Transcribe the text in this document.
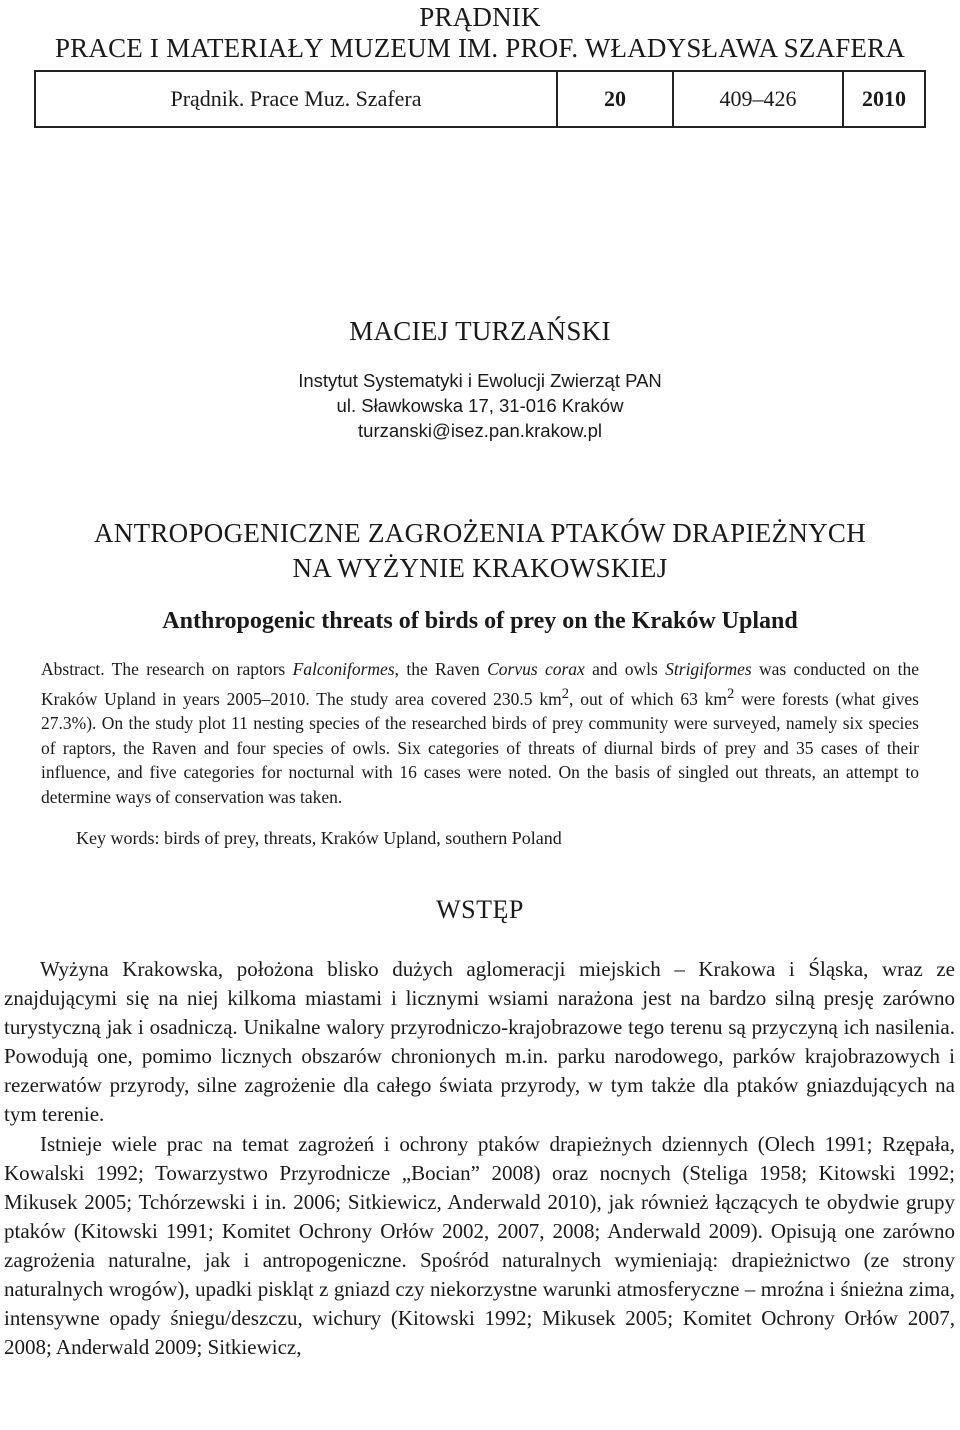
PRĄDNIK
PRACE I MATERIAŁY MUZEUM IM. PROF. WŁADYSŁAWA SZAFERA
Prądnik. Prace Muz. Szafera	20	409–426	2010
MACIEJ TURZAŃSKI
Instytut Systematyki i Ewolucji Zwierząt PAN
ul. Sławkowska 17, 31-016 Kraków
turzanski@isez.pan.krakow.pl
ANTROPOGENICZNE ZAGROŻENIA PTAKÓW DRAPIEŻNYCH
NA WYŻYNIE KRAKOWSKIEJ
Anthropogenic threats of birds of prey on the Kraków Upland
Abstract. The research on raptors Falconiformes, the Raven Corvus corax and owls Strigiformes was conducted on the Kraków Upland in years 2005–2010. The study area covered 230.5 $km^2$, out of which 63 $km^2$ were forests (what gives 27.3%). On the study plot 11 nesting species of the researched birds of prey community were surveyed, namely six species of raptors, the Raven and four species of owls. Six categories of threats of diurnal birds of prey and 35 cases of their influence, and five categories for nocturnal with 16 cases were noted. On the basis of singled out threats, an attempt to determine ways of conservation was taken.
Key words: birds of prey, threats, Kraków Upland, southern Poland
WSTĘP

Wyżyna Krakowska, położona blisko dużych aglomeracji miejskich – Krakowa i Śląska, wraz ze znajdującymi się na niej kilkoma miastami i licznymi wsiami narażona jest na bardzo silną presję zarówno turystyczną jak i osadniczą. Unikalne walory przyrodniczo-krajobrazowe tego terenu są przyczyną ich nasilenia. Powodują one, pomimo licznych obszarów chronionych m.in. parku narodowego, parków krajobrazowych i rezerwatów przyrody, silne zagrożenie dla całego świata przyrody, w tym także dla ptaków gniazdujących na tym terenie.

Istnieje wiele prac na temat zagrożeń i ochrony ptaków drapieżnych dziennych (Olech 1991; Rzępała, Kowalski 1992; Towarzystwo Przyrodnicze „Bocian” 2008) oraz nocnych (Steliga 1958; Kitowski 1992; Mikusek 2005; Tchórzewski i in. 2006; Sitkiewicz, Anderwald 2010), jak również łączących te obydwie grupy ptaków (Kitowski 1991; Komitet Ochrony Orłów 2002, 2007, 2008; Anderwald 2009). Opisują one zarówno zagrożenia naturalne, jak i antropogeniczne. Spośród naturalnych wymieniają: drapieżnictwo (ze strony naturalnych wrogów), upadki piskląt z gniazd czy niekorzystne warunki atmosferyczne – mroźna i śnieżna zima, intensywne opady śniegu/deszczu, wichury (Kitowski 1992; Mikusek 2005; Komitet Ochrony Orłów 2007, 2008; Anderwald 2009; Sitkiewicz,
